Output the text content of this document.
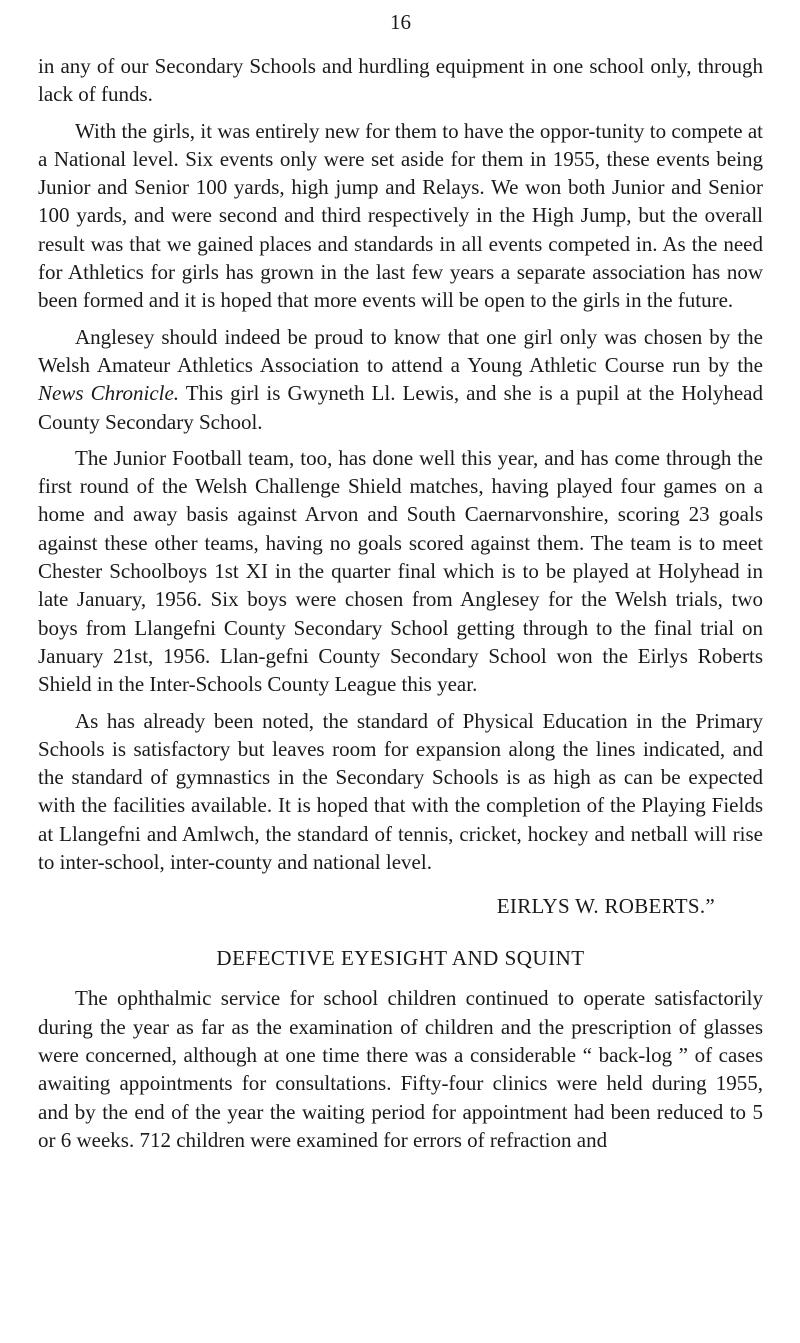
16

in any of our Secondary Schools and hurdling equipment in one school only, through lack of funds.

With the girls, it was entirely new for them to have the oppor-tunity to compete at a National level. Six events only were set aside for them in 1955, these events being Junior and Senior 100 yards, high jump and Relays. We won both Junior and Senior 100 yards, and were second and third respectively in the High Jump, but the overall result was that we gained places and standards in all events competed in. As the need for Athletics for girls has grown in the last few years a separate association has now been formed and it is hoped that more events will be open to the girls in the future.

Anglesey should indeed be proud to know that one girl only was chosen by the Welsh Amateur Athletics Association to attend a Young Athletic Course run by the News Chronicle. This girl is Gwyneth Ll. Lewis, and she is a pupil at the Holyhead County Secondary School.

The Junior Football team, too, has done well this year, and has come through the first round of the Welsh Challenge Shield matches, having played four games on a home and away basis against Arvon and South Caernarvonshire, scoring 23 goals against these other teams, having no goals scored against them. The team is to meet Chester Schoolboys 1st XI in the quarter final which is to be played at Holyhead in late January, 1956. Six boys were chosen from Anglesey for the Welsh trials, two boys from Llangefni County Secondary School getting through to the final trial on January 21st, 1956. Llan-gefni County Secondary School won the Eirlys Roberts Shield in the Inter-Schools County League this year.

As has already been noted, the standard of Physical Education in the Primary Schools is satisfactory but leaves room for expansion along the lines indicated, and the standard of gymnastics in the Secondary Schools is as high as can be expected with the facilities available. It is hoped that with the completion of the Playing Fields at Llangefni and Amlwch, the standard of tennis, cricket, hockey and netball will rise to inter-school, inter-county and national level.

EIRLYS W. ROBERTS.”
DEFECTIVE EYESIGHT AND SQUINT

The ophthalmic service for school children continued to operate satisfactorily during the year as far as the examination of children and the prescription of glasses were concerned, although at one time there was a considerable “ back-log ” of cases awaiting appointments for consultations. Fifty-four clinics were held during 1955, and by the end of the year the waiting period for appointment had been reduced to 5 or 6 weeks. 712 children were examined for errors of refraction and
